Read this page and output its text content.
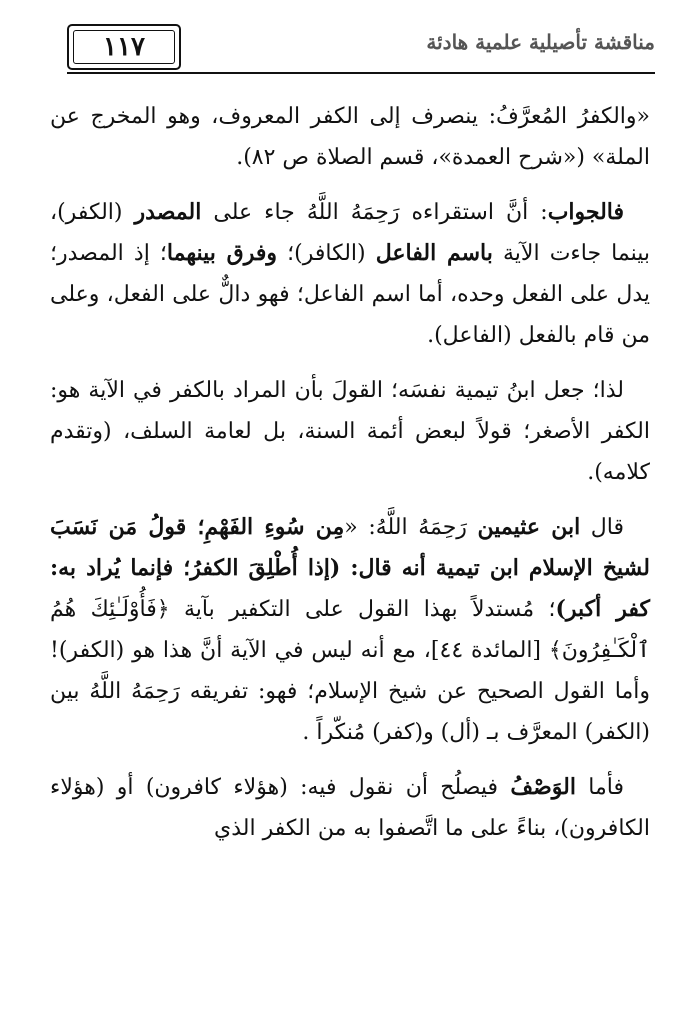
١١٧	مناقشة تأصيلية علمية هادئة

«والكفرُ المُعرَّفُ: ينصرف إلى الكفر المعروف، وهو المخرج عن الملة» («شرح العمدة»، قسم الصلاة ص ٨٢).

فالجواب: أنَّ استقراءه رَحِمَهُ اللَّهُ جاء على المصدر (الكفر)، بينما جاءت الآية باسم الفاعل (الكافر)؛ وفرق بينهما؛ إذ المصدر؛ يدل على الفعل وحده، أما اسم الفاعل؛ فهو دالٌّ على الفعل، وعلى من قام بالفعل (الفاعل).

لذا؛ جعل ابنُ تيمية نفسَه؛ القولَ بأن المراد بالكفر في الآية هو: الكفر الأصغر؛ قولاً لبعض أئمة السنة، بل لعامة السلف، (وتقدم كلامه).

قال ابن عثيمين رَحِمَهُ اللَّهُ: «مِن سُوءِ الفَهْمِ؛ قولُ مَن نَسَبَ لشيخ الإسلام ابن تيمية أنه قال: (إذا أُطْلِقَ الكفرُ؛ فإنما يُراد به: كفر أكبر)؛ مُستدلاً بهذا القول على التكفير بآية ﴿فَأُوْلَـٰئِكَ هُمُ ٱلْكَـٰفِرُونَ﴾ [المائدة ٤٤]، مع أنه ليس في الآية أنَّ هذا هو (الكفر)! وأما القول الصحيح عن شيخ الإسلام؛ فهو: تفريقه رَحِمَهُ اللَّهُ بين (الكفر) المعرَّف بـ (أل) و(كفر) مُنكّراً .

فأما الوَصْفُ فيصلُح أن نقول فيه: (هؤلاء كافرون) أو (هؤلاء الكافرون)، بناءً على ما اتَّصفوا به من الكفر الذي
